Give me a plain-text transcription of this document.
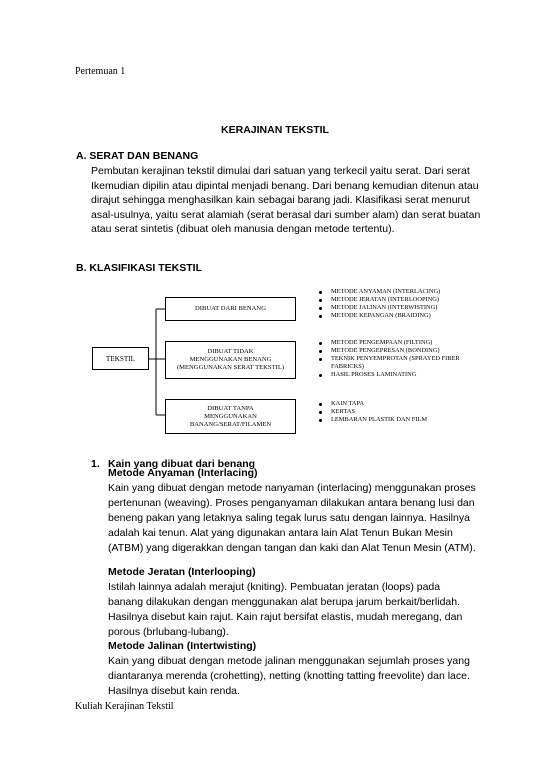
Pertemuan 1
KERAJINAN TEKSTIL
A. SERAT DAN BENANG
Pembutan kerajinan tekstil dimulai dari satuan yang terkecil yaitu serat. Dari serat Ikemudian dipilin atau dipintal menjadi benang. Dari benang kemudian ditenun atau dirajut sehingga menghasilkan kain sebagai barang jadi. Klasifikasi serat menurut asal-usulnya, yaitu serat alamiah (serat berasal dari sumber alam) dan serat buatan atau serat sintetis (dibuat oleh manusia dengan metode tertentu).
B. KLASIFIKASI TEKSTIL
TEKSTIL
DIBUAT DARI BENANG
DIBUAT TIDAK
MENGGUNAKAN BENANG
(MENGGUNAKAN SERAT TEKSTIL)
DIBUAT TANPA
MENGGUNAKAN
BANANG/SERAT/FILAMEN
METODE ANYAMAN (INTERLACING)
METODE JERATAN (INTERLOOPING)
METODE JALINAN (INTERWISTING)
METODE KEPANGAN (BRAIDING)
METODE PENGEMPAAN (FILTING)
METODE PENGEPRESAN (BONDING)
TEKNIK PENYEMPROTAN (SPRAYED FIBER FABRICKS)
HASIL PROSES LAMINATING
KAIN TAPA
KERTAS
LEMBARAN PLASTIK DAN FILM
1. Kain yang dibuat dari benang
Metode Anyaman (Interlacing)
Kain yang dibuat dengan metode nanyaman (interlacing) menggunakan proses pertenunan (weaving). Proses penganyaman dilakukan antara benang lusi dan beneng pakan yang letaknya saling tegak lurus satu dengan lainnya. Hasilnya adalah kai tenun. Alat yang digunakan antara lain Alat Tenun Bukan Mesin (ATBM) yang digerakkan dengan tangan dan kaki dan Alat Tenun Mesin (ATM).
Metode Jeratan (Interlooping)
Istilah lainnya adalah merajut (kniting). Pembuatan jeratan (loops) pada banang dilakukan dengan menggunakan alat berupa jarum berkait/berlidah. Hasilnya disebut kain rajut. Kain rajut bersifat elastis, mudah meregang, dan porous (brlubang-lubang).
Metode Jalinan (Intertwisting)
Kain yang dibuat dengan metode jalinan menggunakan sejumlah proses yang diantaranya merenda (crohetting), netting (knotting tatting freevolite) dan lace. Hasilnya disebut kain renda.
Kuliah Kerajinan Tekstil
